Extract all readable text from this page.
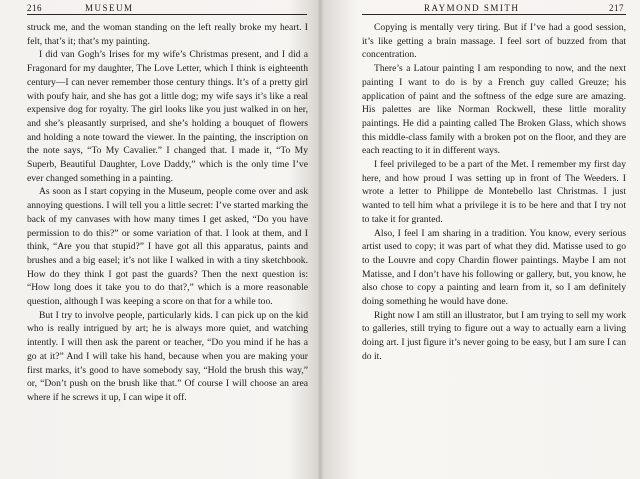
216	MUSEUM

struck me, and the woman standing on the left really broke my heart. I felt, that’s it; that’s my painting.

I did van Gogh’s Irises for my wife’s Christmas present, and I did a Fragonard for my daughter, The Love Letter, which I think is eighteenth century—I can never remember those century things. It’s of a pretty girl with poufy hair, and she has got a little dog; my wife says it’s like a real expensive dog for royalty. The girl looks like you just walked in on her, and she’s pleasantly surprised, and she’s holding a bouquet of flowers and holding a note toward the viewer. In the painting, the inscription on the note says, “To My Cavalier.” I changed that. I made it, “To My Superb, Beautiful Daughter, Love Daddy,” which is the only time I’ve ever changed something in a painting.

As soon as I start copying in the Museum, people come over and ask annoying questions. I will tell you a little secret: I’ve started marking the back of my canvases with how many times I get asked, “Do you have permission to do this?” or some variation of that. I look at them, and I think, “Are you that stupid?” I have got all this apparatus, paints and brushes and a big easel; it’s not like I walked in with a tiny sketchbook. How do they think I got past the guards? Then the next question is: “How long does it take you to do that?,” which is a more reasonable question, although I was keeping a score on that for a while too.

But I try to involve people, particularly kids. I can pick up on the kid who is really intrigued by art; he is always more quiet, and watching intently. I will then ask the parent or teacher, “Do you mind if he has a go at it?” And I will take his hand, because when you are making your first marks, it’s good to have somebody say, “Hold the brush this way,” or, “Don’t push on the brush like that.” Of course I will choose an area where if he screws it up, I can wipe it off.

RAYMOND SMITH	217

Copying is mentally very tiring. But if I’ve had a good session, it’s like getting a brain massage. I feel sort of buzzed from that concentration.

There’s a Latour painting I am responding to now, and the next painting I want to do is by a French guy called Greuze; his application of paint and the softness of the edge sure are amazing. His palettes are like Norman Rockwell, these little morality paintings. He did a painting called The Broken Glass, which shows this middle-class family with a broken pot on the floor, and they are each reacting to it in different ways.

I feel privileged to be a part of the Met. I remember my first day here, and how proud I was setting up in front of The Weeders. I wrote a letter to Philippe de Montebello last Christmas. I just wanted to tell him what a privilege it is to be here and that I try not to take it for granted.

Also, I feel I am sharing in a tradition. You know, every serious artist used to copy; it was part of what they did. Matisse used to go to the Louvre and copy Chardin flower paintings. Maybe I am not Matisse, and I don’t have his following or gallery, but, you know, he also chose to copy a painting and learn from it, so I am definitely doing something he would have done.

Right now I am still an illustrator, but I am trying to sell my work to galleries, still trying to figure out a way to actually earn a living doing art. I just figure it’s never going to be easy, but I am sure I can do it.
